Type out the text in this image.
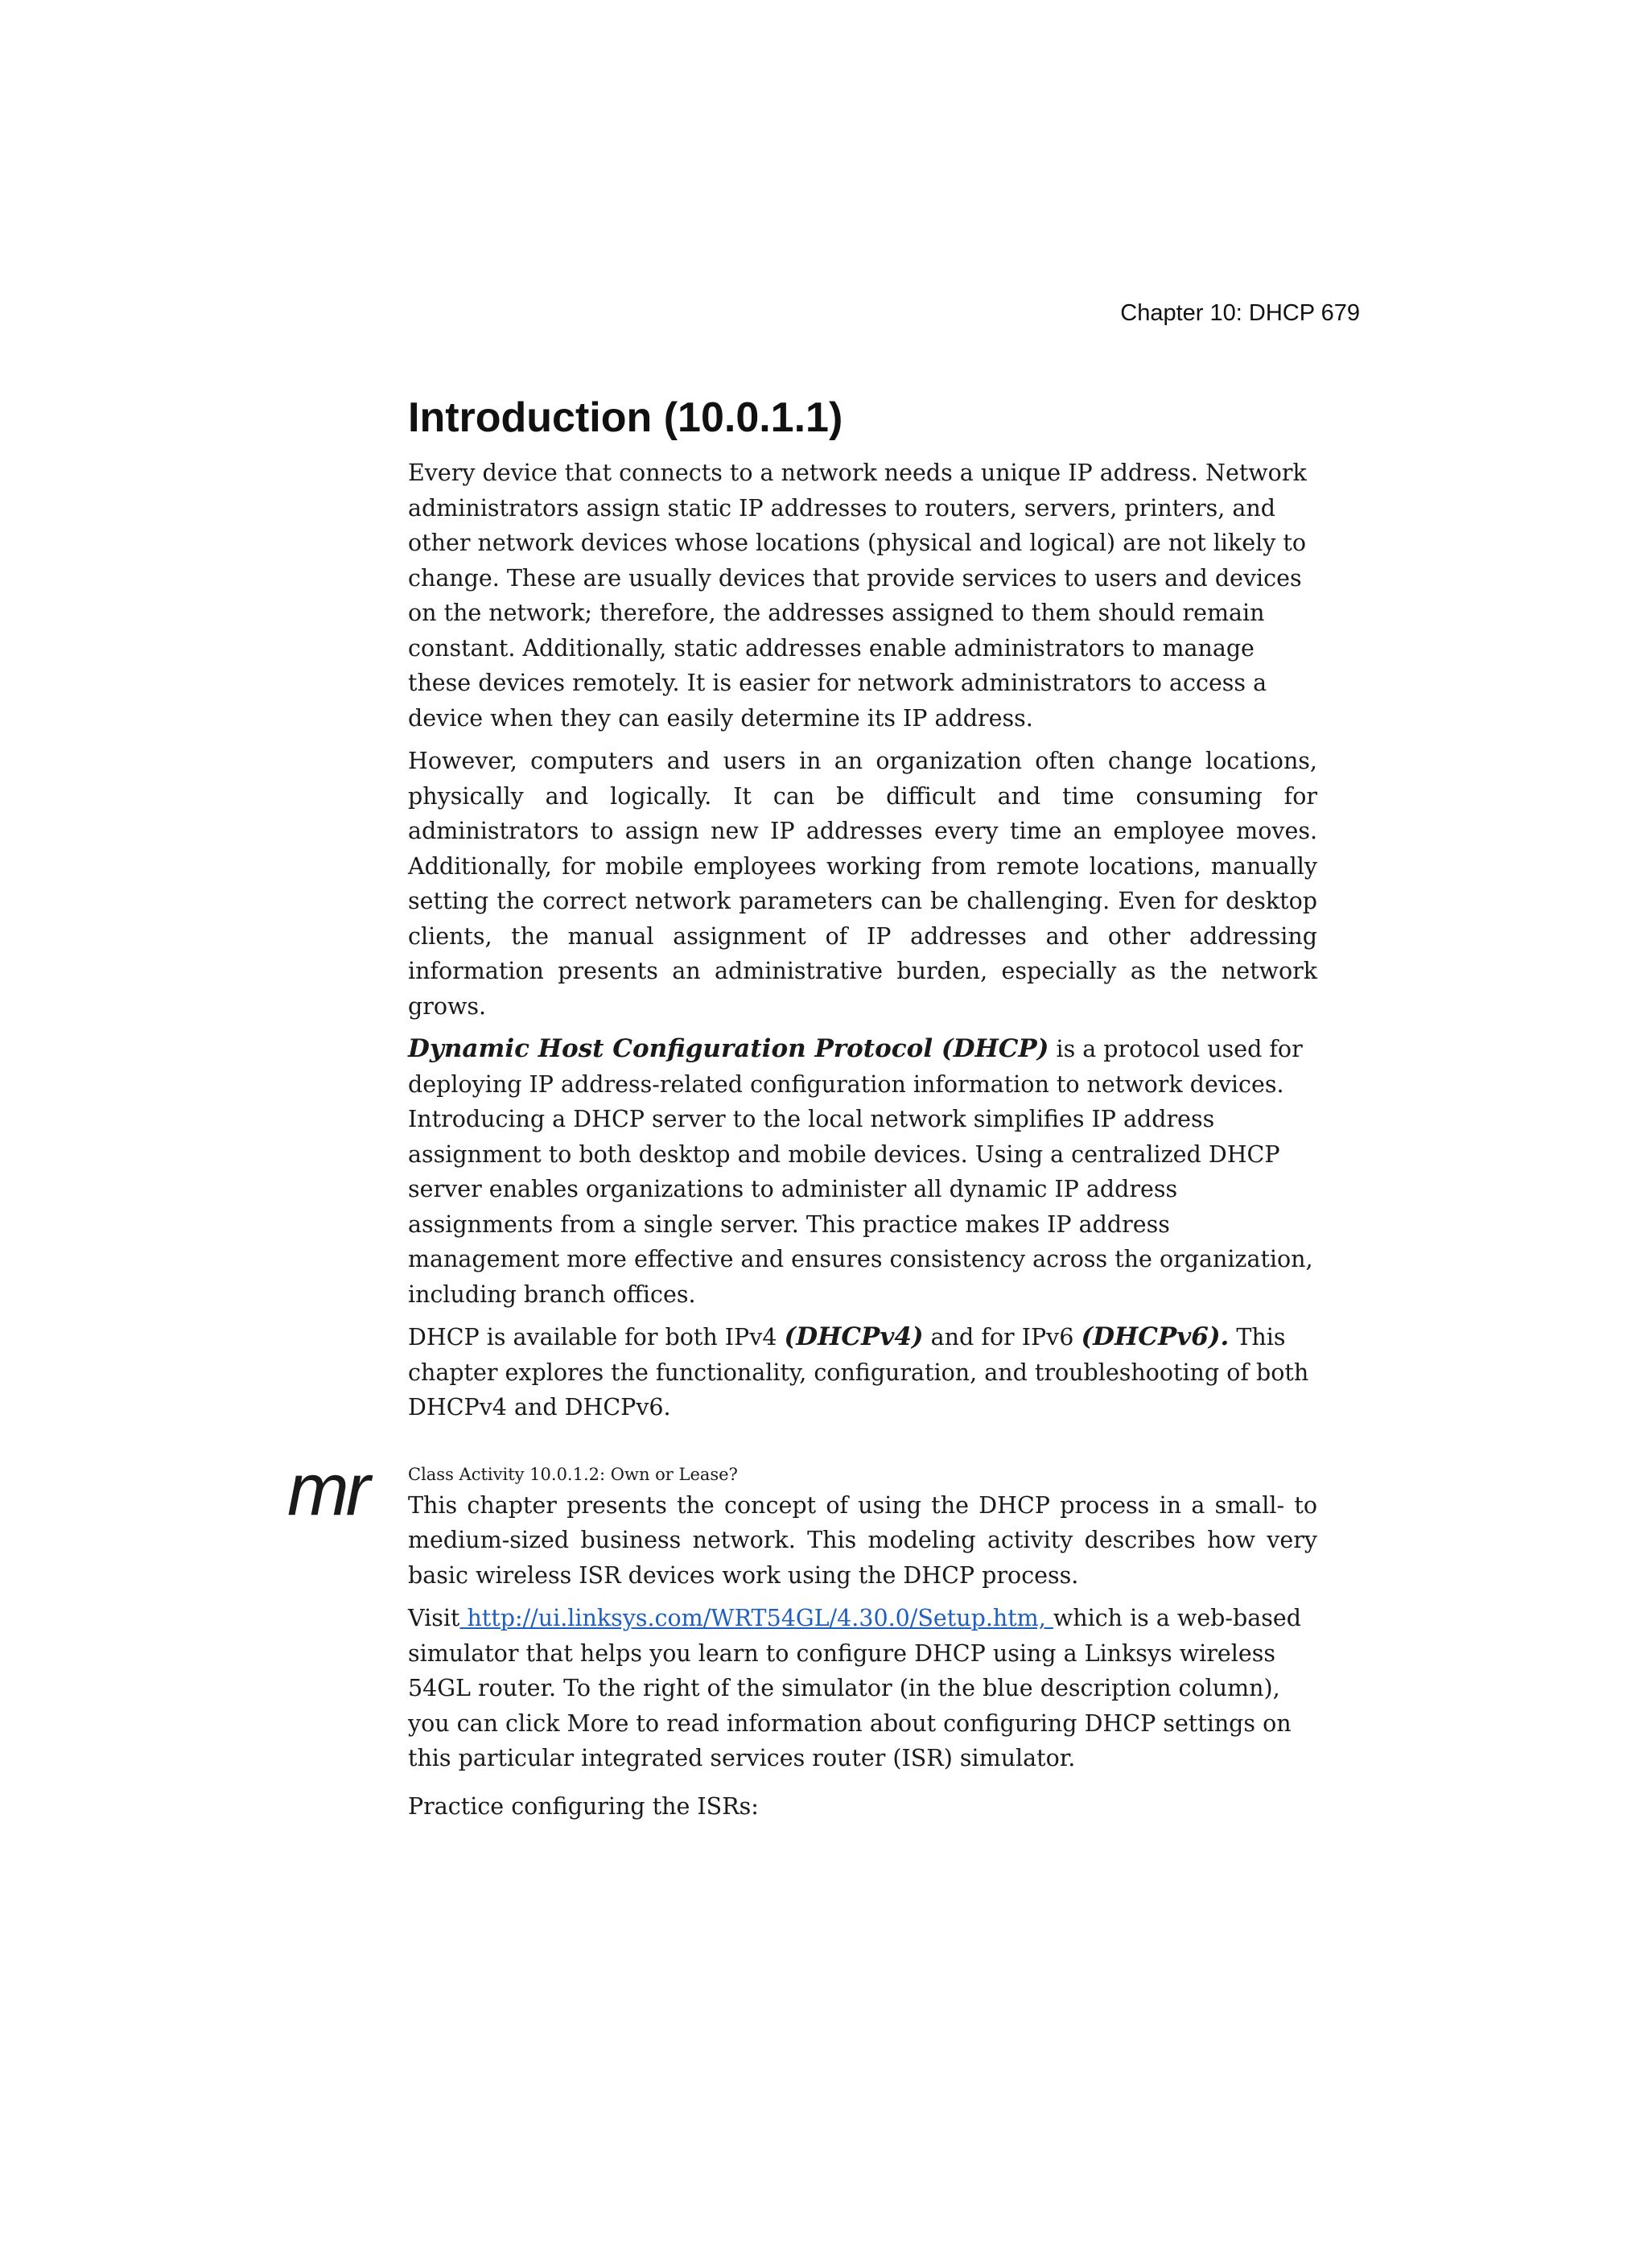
Chapter 10: DHCP 679
Introduction (10.0.1.1)

Every device that connects to a network needs a unique IP address. Network administrators assign static IP addresses to routers, servers, printers, and other network devices whose locations (physical and logical) are not likely to change. These are usually devices that provide services to users and devices on the network; therefore, the addresses assigned to them should remain constant. Additionally, static addresses enable administrators to manage these devices remotely. It is easier for network administrators to access a device when they can easily determine its IP address.

However, computers and users in an organization often change locations, physically and logically. It can be difficult and time consuming for administrators to assign new IP addresses every time an employee moves. Additionally, for mobile employees working from remote locations, manually setting the correct network parameters can be challenging. Even for desktop clients, the manual assignment of IP addresses and other addressing information presents an administrative burden, especially as the network grows.

Dynamic Host Configuration Protocol (DHCP) is a protocol used for deploying IP address-related configuration information to network devices. Introducing a DHCP server to the local network simplifies IP address assignment to both desktop and mobile devices. Using a centralized DHCP server enables organizations to administer all dynamic IP address assignments from a single server. This practice makes IP address management more effective and ensures consistency across the organization, including branch offices.

DHCP is available for both IPv4 (DHCPv4) and for IPv6 (DHCPv6). This chapter explores the functionality, configuration, and troubleshooting of both DHCPv4 and DHCPv6.

mr Class Activity 10.0.1.2: Own or Lease?

This chapter presents the concept of using the DHCP process in a small- to medium-sized business network. This modeling activity describes how very basic wireless ISR devices work using the DHCP process.

Visit http://ui.linksys.com/WRT54GL/4.30.0/Setup.htm, which is a web-based simulator that helps you learn to configure DHCP using a Linksys wireless 54GL router. To the right of the simulator (in the blue description column), you can click More to read information about configuring DHCP settings on this particular integrated services router (ISR) simulator.

Practice configuring the ISRs:
